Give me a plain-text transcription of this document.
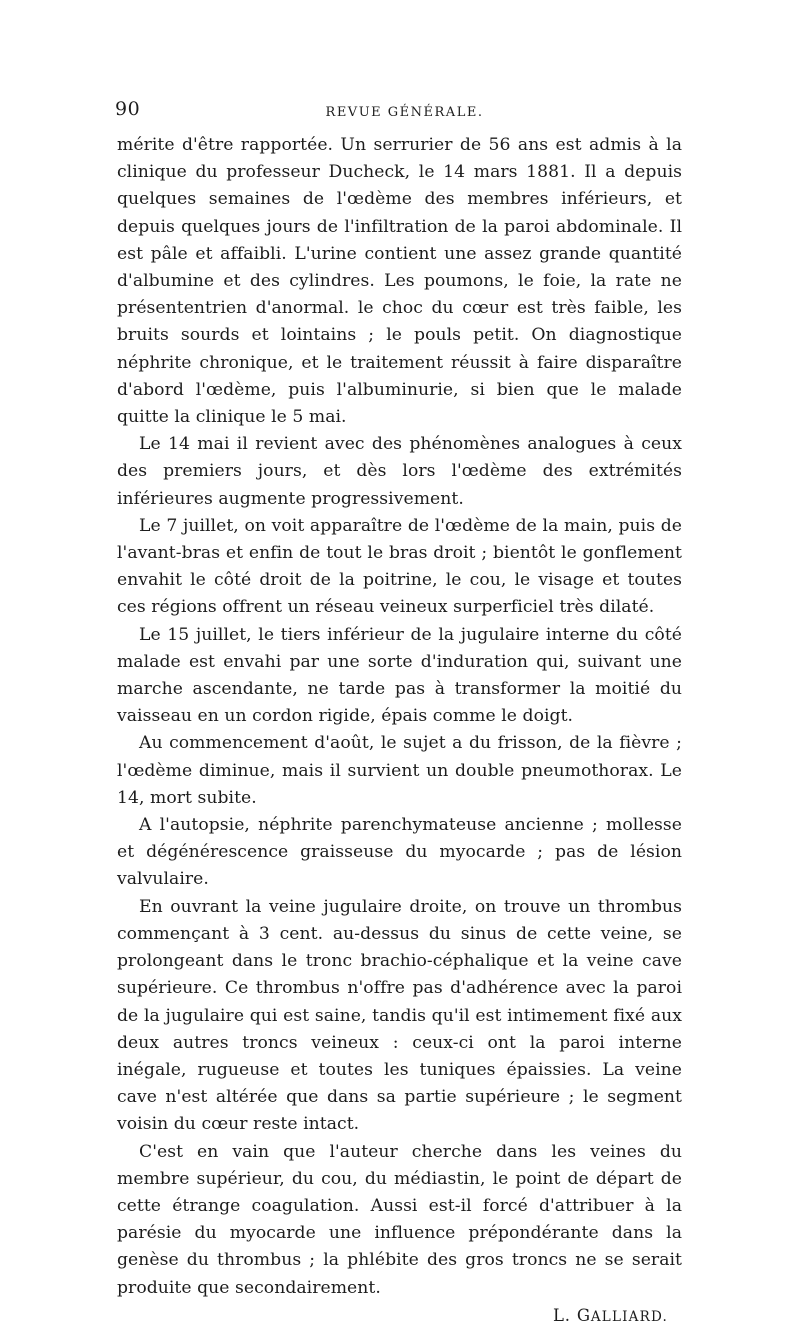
90	REVUE GÉNÉRALE.

mérite d'être rapportée. Un serrurier de 56 ans est admis à la clinique du professeur Ducheck, le 14 mars 1881. Il a depuis quelques semaines de l'œdème des membres inférieurs, et depuis quelques jours de l'infiltration de la paroi abdominale. Il est pâle et affaibli. L'urine contient une assez grande quantité d'albumine et des cylindres. Les poumons, le foie, la rate ne présententrien d'anormal. le choc du cœur est très faible, les bruits sourds et lointains ; le pouls petit. On diagnostique néphrite chronique, et le traitement réussit à faire disparaître d'abord l'œdème, puis l'albuminurie, si bien que le malade quitte la clinique le 5 mai.

Le 14 mai il revient avec des phénomènes analogues à ceux des premiers jours, et dès lors l'œdème des extrémités inférieures augmente progressivement.

Le 7 juillet, on voit apparaître de l'œdème de la main, puis de l'avant-bras et enfin de tout le bras droit ; bientôt le gonflement envahit le côté droit de la poitrine, le cou, le visage et toutes ces régions offrent un réseau veineux surperficiel très dilaté.

Le 15 juillet, le tiers inférieur de la jugulaire interne du côté malade est envahi par une sorte d'induration qui, suivant une marche ascendante, ne tarde pas à transformer la moitié du vaisseau en un cordon rigide, épais comme le doigt.

Au commencement d'août, le sujet a du frisson, de la fièvre ; l'œdème diminue, mais il survient un double pneumothorax. Le 14, mort subite.

A l'autopsie, néphrite parenchymateuse ancienne ; mollesse et dégénérescence graisseuse du myocarde ; pas de lésion valvulaire.

En ouvrant la veine jugulaire droite, on trouve un thrombus commençant à 3 cent. au-dessus du sinus de cette veine, se prolongeant dans le tronc brachio-céphalique et la veine cave supérieure. Ce thrombus n'offre pas d'adhérence avec la paroi de la jugulaire qui est saine, tandis qu'il est intimement fixé aux deux autres troncs veineux : ceux-ci ont la paroi interne inégale, rugueuse et toutes les tuniques épaissies. La veine cave n'est altérée que dans sa partie supérieure ; le segment voisin du cœur reste intact.

C'est en vain que l'auteur cherche dans les veines du membre supérieur, du cou, du médiastin, le point de départ de cette étrange coagulation. Aussi est-il forcé d'attribuer à la parésie du myocarde une influence prépondérante dans la genèse du thrombus ; la phlébite des gros troncs ne se serait produite que secondairement.

L. GALLIARD.
